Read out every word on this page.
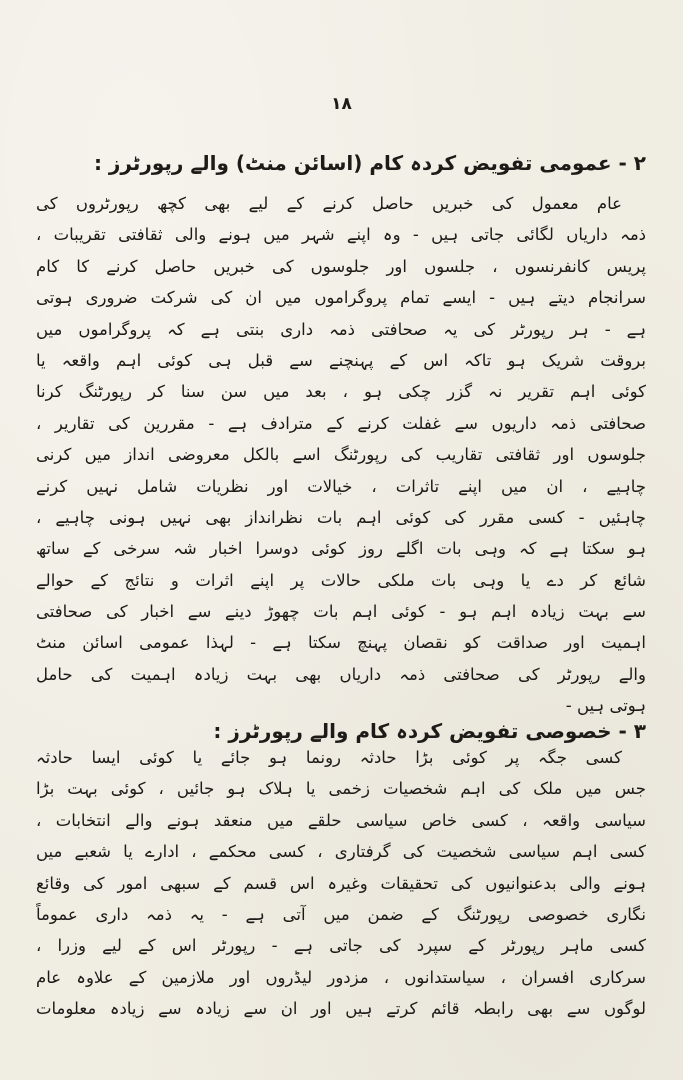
۱۸
۲ - عمومی تفویض کردہ کام (اسائن منٹ) والے رپورٹرز :
عام معمول کی خبریں حاصل کرنے کے لیے بھی کچھ رپورٹروں کی
ذمہ داریاں لگائی جاتی ہیں - وہ اپنے شہر میں ہونے والی ثقافتی تقریبات ،
پریس کانفرنسوں ، جلسوں اور جلوسوں کی خبریں حاصل کرنے کا کام
سرانجام دیتے ہیں - ایسے تمام پروگراموں میں ان کی شرکت ضروری ہوتی
ہے - ہر رپورٹر کی یہ صحافتی ذمہ داری بنتی ہے کہ پروگراموں میں
بروقت شریک ہو تاکہ اس کے پہنچنے سے قبل ہی کوئی اہم واقعہ یا
کوئی اہم تقریر نہ گزر چکی ہو ، بعد میں سن سنا کر رپورٹنگ کرنا
صحافتی ذمہ داریوں سے غفلت کرنے کے مترادف ہے - مقررین کی تقاریر ،
جلوسوں اور ثقافتی تقاریب کی رپورٹنگ اسے بالکل معروضی انداز میں کرنی
چاہیے ، ان میں اپنے تاثرات ، خیالات اور نظریات شامل نہیں کرنے
چاہئیں - کسی مقرر کی کوئی اہم بات نظرانداز بھی نہیں ہونی چاہیے ،
ہو سکتا ہے کہ وہی بات اگلے روز کوئی دوسرا اخبار شہ سرخی کے ساتھ
شائع کر دے یا وہی بات ملکی حالات پر اپنے اثرات و نتائج کے حوالے
سے بہت زیادہ اہم ہو - کوئی اہم بات چھوڑ دینے سے اخبار کی صحافتی
اہمیت اور صداقت کو نقصان پہنچ سکتا ہے - لہذا عمومی اسائن منٹ
والے رپورٹر کی صحافتی ذمہ داریاں بھی بہت زیادہ اہمیت کی حامل
ہوتی ہیں -
۳ - خصوصی تفویض کردہ کام والے رپورٹرز :
کسی جگہ پر کوئی بڑا حادثہ رونما ہو جائے یا کوئی ایسا حادثہ
جس میں ملک کی اہم شخصیات زخمی یا ہلاک ہو جائیں ، کوئی بہت بڑا
سیاسی واقعہ ، کسی خاص سیاسی حلقے میں منعقد ہونے والے انتخابات ،
کسی اہم سیاسی شخصیت کی گرفتاری ، کسی محکمے ، ادارے یا شعبے میں
ہونے والی بدعنوانیوں کی تحقیقات وغیرہ اس قسم کے سبھی امور کی وقائع
نگاری خصوصی رپورٹنگ کے ضمن میں آتی ہے - یہ ذمہ داری عموماً
کسی ماہر رپورٹر کے سپرد کی جاتی ہے - رپورٹر اس کے لیے وزرا ،
سرکاری افسران ، سیاستدانوں ، مزدور لیڈروں اور ملازمین کے علاوہ عام
لوگوں سے بھی رابطہ قائم کرتے ہیں اور ان سے زیادہ سے زیادہ معلومات
